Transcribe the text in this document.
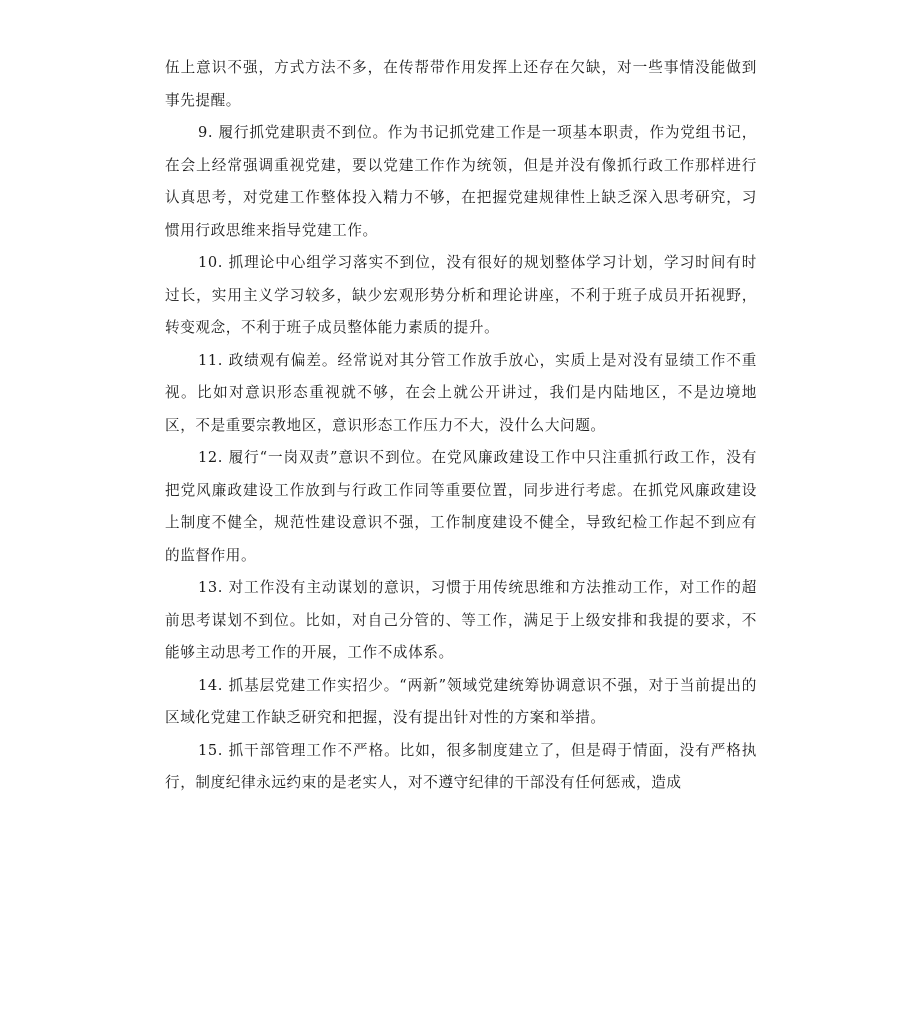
伍上意识不强，方式方法不多，在传帮带作用发挥上还存在欠缺，对一些事情没能做到事先提醒。

9. 履行抓党建职责不到位。作为书记抓党建工作是一项基本职责，作为党组书记，在会上经常强调重视党建，要以党建工作作为统领，但是并没有像抓行政工作那样进行认真思考，对党建工作整体投入精力不够，在把握党建规律性上缺乏深入思考研究，习惯用行政思维来指导党建工作。

10. 抓理论中心组学习落实不到位，没有很好的规划整体学习计划，学习时间有时过长，实用主义学习较多，缺少宏观形势分析和理论讲座，不利于班子成员开拓视野，转变观念，不利于班子成员整体能力素质的提升。

11. 政绩观有偏差。经常说对其分管工作放手放心，实质上是对没有显绩工作不重视。比如对意识形态重视就不够，在会上就公开讲过，我们是内陆地区，不是边境地区，不是重要宗教地区，意识形态工作压力不大，没什么大问题。

12. 履行“一岗双责”意识不到位。在党风廉政建设工作中只注重抓行政工作，没有把党风廉政建设工作放到与行政工作同等重要位置，同步进行考虑。在抓党风廉政建设上制度不健全，规范性建设意识不强，工作制度建设不健全，导致纪检工作起不到应有的监督作用。

13. 对工作没有主动谋划的意识，习惯于用传统思维和方法推动工作，对工作的超前思考谋划不到位。比如，对自己分管的、等工作，满足于上级安排和我提的要求，不能够主动思考工作的开展，工作不成体系。

14. 抓基层党建工作实招少。“两新”领域党建统筹协调意识不强，对于当前提出的区域化党建工作缺乏研究和把握，没有提出针对性的方案和举措。

15. 抓干部管理工作不严格。比如，很多制度建立了，但是碍于情面，没有严格执行，制度纪律永远约束的是老实人，对不遵守纪律的干部没有任何惩戒，造成
